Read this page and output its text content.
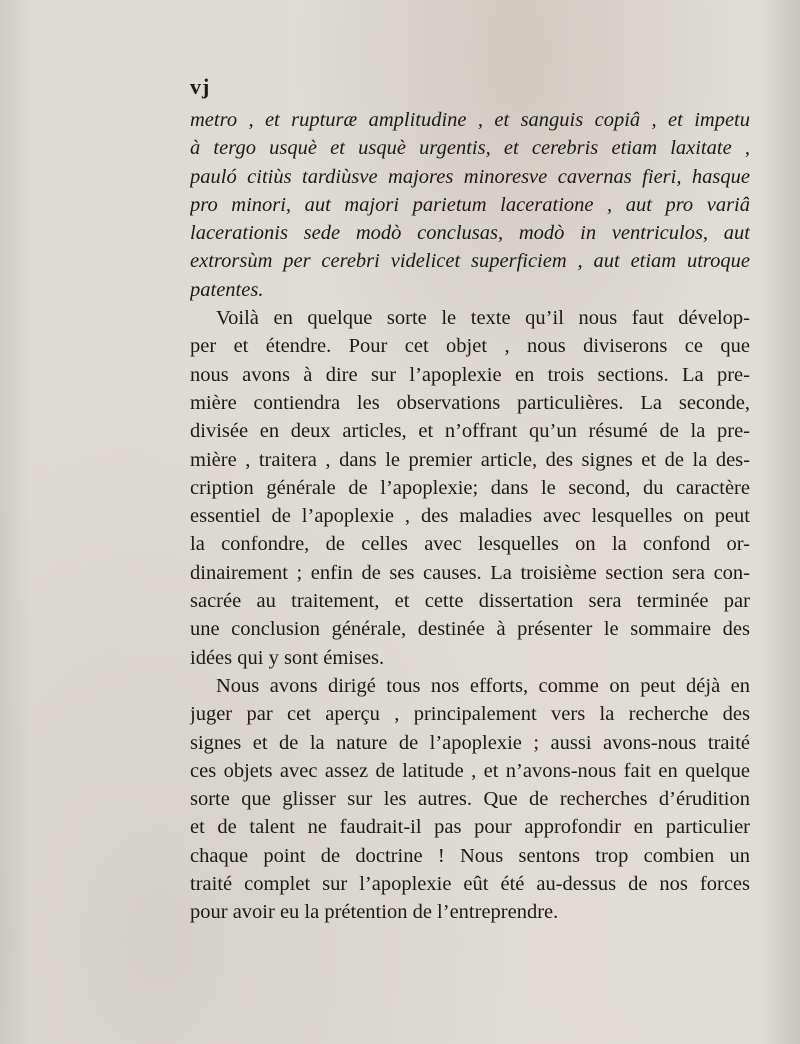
vj
metro , et rupturæ amplitudine , et sanguis copiâ , et impetu
à tergo usquè et usquè urgentis, et cerebris etiam laxitate ,
pauló citiùs tardiùsve majores minoresve cavernas fieri, hasque
pro minori, aut majori parietum laceratione , aut pro variâ
lacerationis sede modò conclusas, modò in ventriculos, aut
extrorsùm per cerebri videlicet superficiem , aut etiam utroque
patentes.
Voilà en quelque sorte le texte qu’il nous faut dévelop-
per et étendre. Pour cet objet , nous diviserons ce que
nous avons à dire sur l’apoplexie en trois sections. La pre-
mière contiendra les observations particulières. La seconde,
divisée en deux articles, et n’offrant qu’un résumé de la pre-
mière , traitera , dans le premier article, des signes et de la des-
cription générale de l’apoplexie; dans le second, du caractère
essentiel de l’apoplexie , des maladies avec lesquelles on peut
la confondre, de celles avec lesquelles on la confond or-
dinairement ; enfin de ses causes. La troisième section sera con-
sacrée au traitement, et cette dissertation sera terminée par
une conclusion générale, destinée à présenter le sommaire des
idées qui y sont émises.
Nous avons dirigé tous nos efforts, comme on peut déjà en
juger par cet aperçu , principalement vers la recherche des
signes et de la nature de l’apoplexie ; aussi avons-nous traité
ces objets avec assez de latitude , et n’avons-nous fait en quelque
sorte que glisser sur les autres. Que de recherches d’érudition
et de talent ne faudrait-il pas pour approfondir en particulier
chaque point de doctrine ! Nous sentons trop combien un
traité complet sur l’apoplexie eût été au-dessus de nos forces
pour avoir eu la prétention de l’entreprendre.
